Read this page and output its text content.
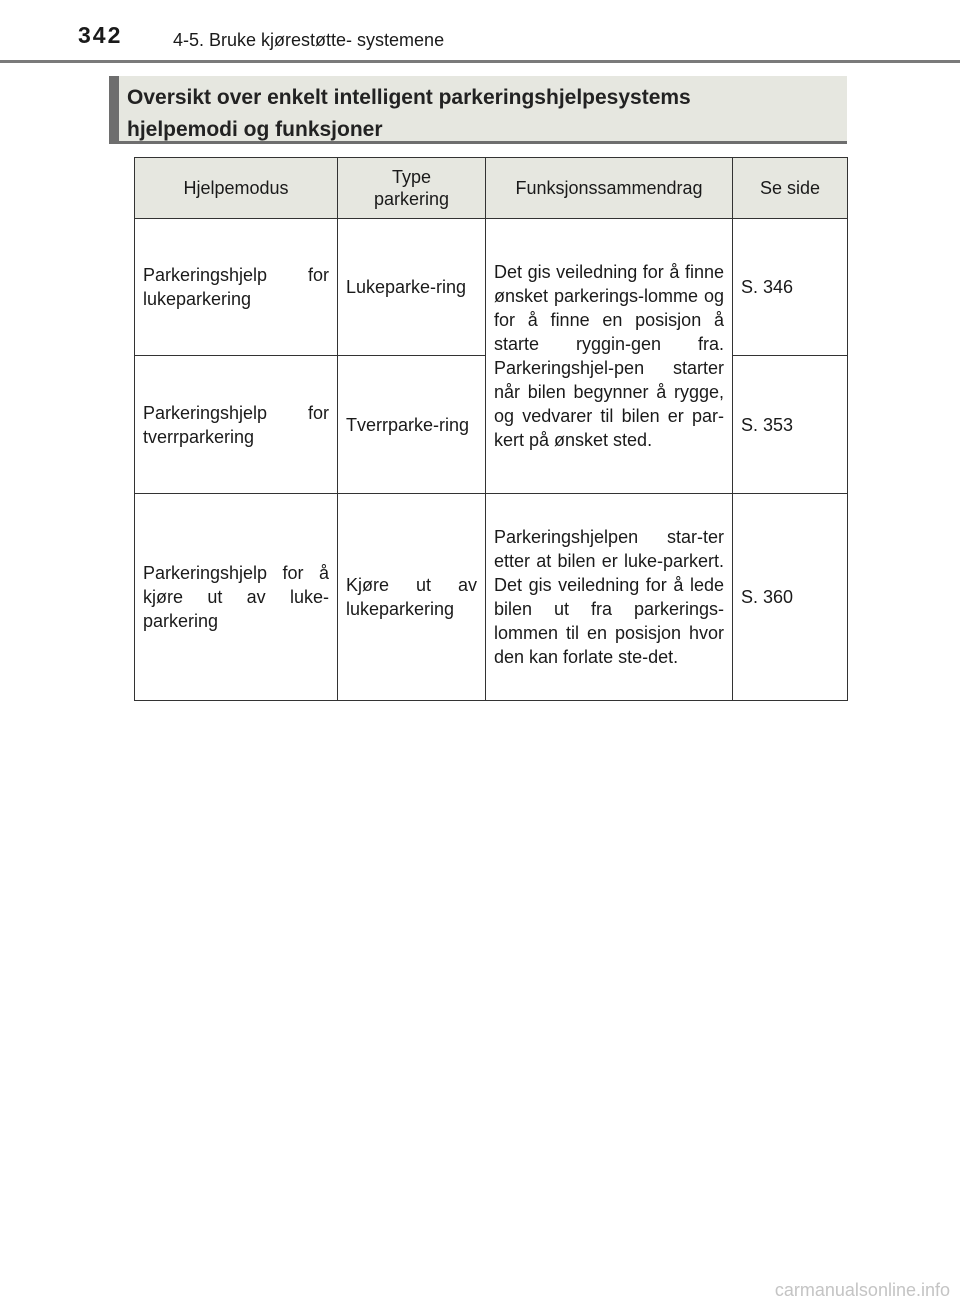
342	4-5. Bruke kjørestøtte- systemene
Oversikt over enkelt intelligent parkeringshjelpesystems
hjelpemodi og funksjoner
Hjelpemodus	Type
parkering	Funksjonssammendrag	Se side
Parkeringshjelp for lukeparkering	Lukeparke-ring	Det gis veiledning for å finne ønsket parkerings-lomme og for å finne en posisjon å starte ryggin-gen fra. Parkeringshjel-pen starter når bilen begynner å rygge, og vedvarer til bilen er par-kert på ønsket sted.	S. 346
Parkeringshjelp for tverrparkering	Tverrparke-ring		S. 353
Parkeringshjelp for å kjøre ut av luke-parkering	Kjøre ut av lukeparkering	Parkeringshjelpen star-ter etter at bilen er luke-parkert. Det gis veiledning for å lede bilen ut fra parkerings-lommen til en posisjon hvor den kan forlate ste-det.	S. 360
carmanualsonline.info
